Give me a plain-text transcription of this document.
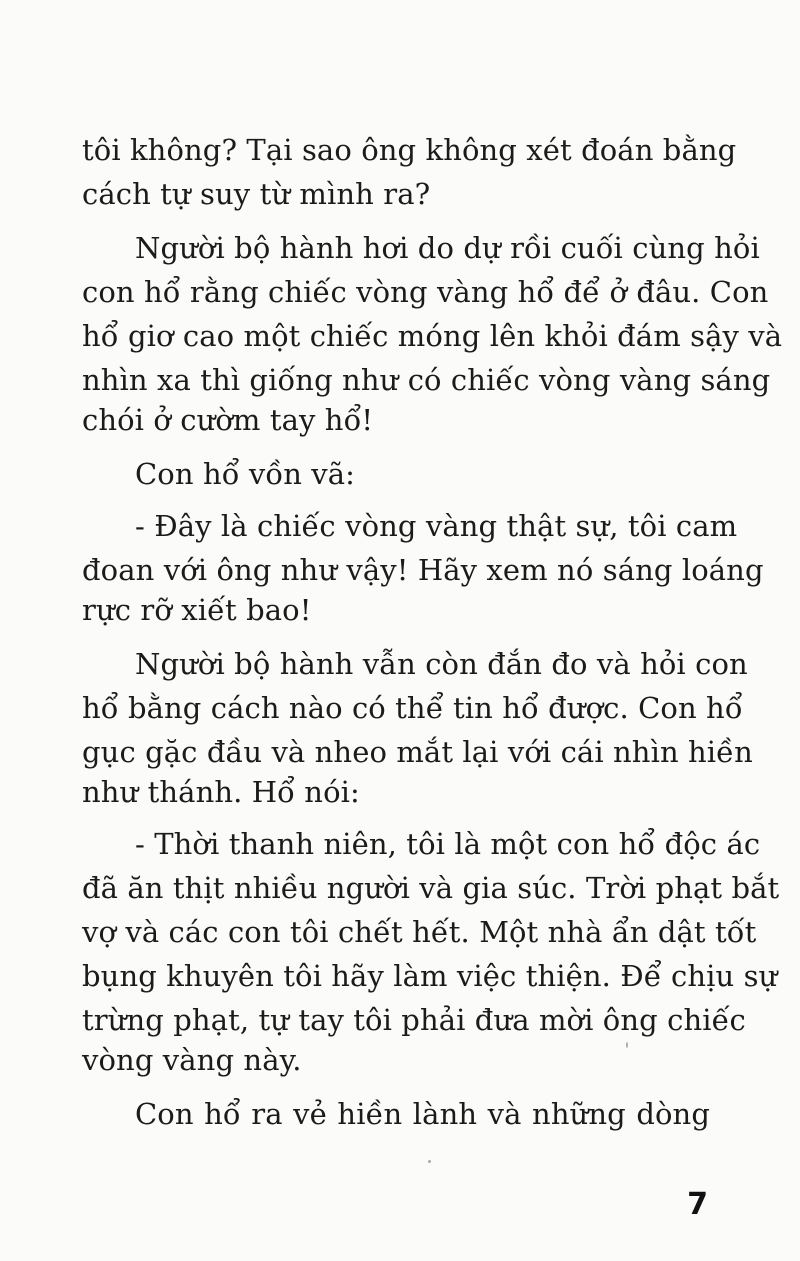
tôi không? Tại sao ông không xét đoán bằng
cách tự suy từ mình ra?
Người bộ hành hơi do dự rồi cuối cùng hỏi
con hổ rằng chiếc vòng vàng hổ để ở đâu. Con
hổ giơ cao một chiếc móng lên khỏi đám sậy và
nhìn xa thì giống như có chiếc vòng vàng sáng
chói ở cườm tay hổ!
Con hổ vồn vã:
- Đây là chiếc vòng vàng thật sự, tôi cam
đoan với ông như vậy! Hãy xem nó sáng loáng
rực rỡ xiết bao!
Người bộ hành vẫn còn đắn đo và hỏi con
hổ bằng cách nào có thể tin hổ được. Con hổ
gục gặc đầu và nheo mắt lại với cái nhìn hiền
như thánh. Hổ nói:
- Thời thanh niên, tôi là một con hổ độc ác
đã ăn thịt nhiều người và gia súc. Trời phạt bắt
vợ và các con tôi chết hết. Một nhà ẩn dật tốt
bụng khuyên tôi hãy làm việc thiện. Để chịu sự
trừng phạt, tự tay tôi phải đưa mời ông chiếc
vòng vàng này.
Con hổ ra vẻ hiền lành và những dòng
7
